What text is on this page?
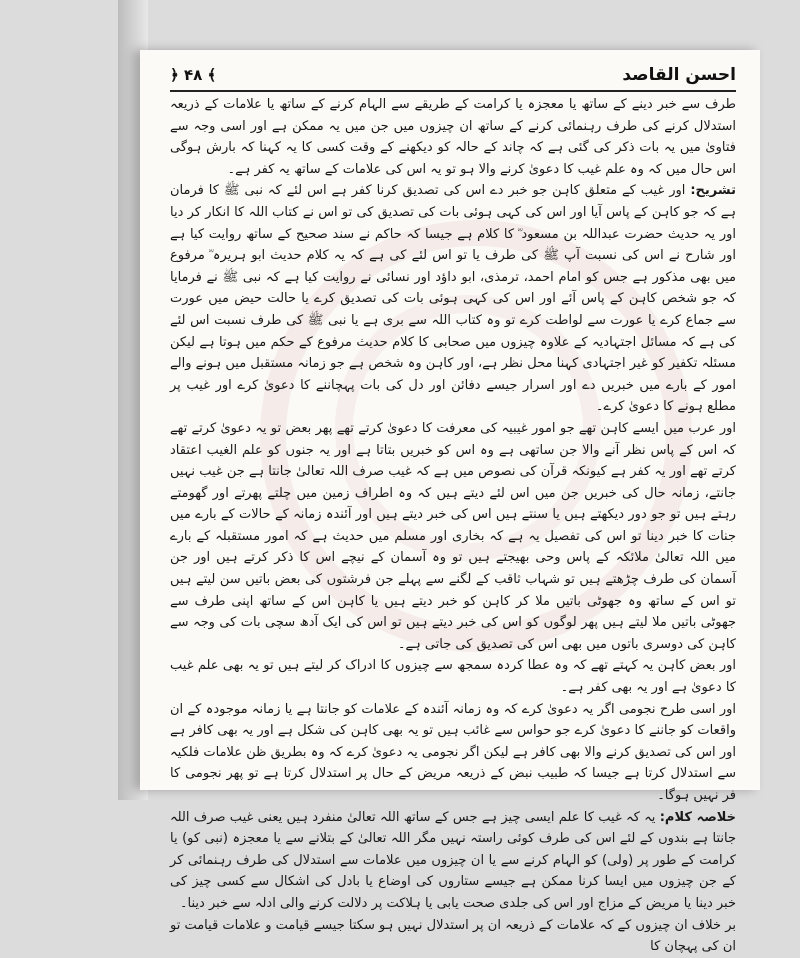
﴿ ۴۸ ﴾	احسن القاصد

طرف سے خبر دینے کے ساتھ یا معجزہ یا کرامت کے طریقے سے الہام کرنے کے ساتھ یا علامات کے ذریعہ استدلال کرنے کی طرف رہنمائی کرنے کے ساتھ ان چیزوں میں جن میں یہ ممکن ہے اور اسی وجہ سے فتاویٰ میں یہ بات ذکر کی گئی ہے کہ چاند کے حالہ کو دیکھنے کے وقت کسی کا یہ کہنا کہ بارش ہوگی اس حال میں کہ وہ علم غیب کا دعویٰ کرنے والا ہو تو یہ اس کی علامات کے ساتھ یہ کفر ہے۔

تشریح: اور غیب کے متعلق کاہن جو خبر دے اس کی تصدیق کرنا کفر ہے اس لئے کہ نبی ﷺ کا فرمان ہے کہ جو کاہن کے پاس آیا اور اس کی کہی ہوئی بات کی تصدیق کی تو اس نے کتاب اللہ کا انکار کر دیا اور یہ حدیث حضرت عبداللہ بن مسعود ؓ کا کلام ہے جیسا کہ حاکم نے سند صحیح کے ساتھ روایت کیا ہے اور شارح نے اس کی نسبت آپ ﷺ کی طرف یا تو اس لئے کی ہے کہ یہ کلام حدیث ابو ہریرہ ؓ مرفوع میں بھی مذکور ہے جس کو امام احمد، ترمذی، ابو داؤد اور نسائی نے روایت کیا ہے کہ نبی ﷺ نے فرمایا کہ جو شخص کاہن کے پاس آئے اور اس کی کہی ہوئی بات کی تصدیق کرے یا حالت حیض میں عورت سے جماع کرے یا عورت سے لواطت کرے تو وہ کتاب اللہ سے بری ہے یا نبی ﷺ کی طرف نسبت اس لئے کی ہے کہ مسائل اجتہادیہ کے علاوہ چیزوں میں صحابی کا کلام حدیث مرفوع کے حکم میں ہوتا ہے لیکن مسئلہ تکفیر کو غیر اجتہادی کہنا محل نظر ہے، اور کاہن وہ شخص ہے جو زمانہ مستقبل میں ہونے والے امور کے بارے میں خبریں دے اور اسرار جیسے دفائن اور دل کی بات پہچاننے کا دعویٰ کرے اور غیب پر مطلع ہونے کا دعویٰ کرے۔

اور عرب میں ایسے کاہن تھے جو امور غیبیہ کی معرفت کا دعویٰ کرتے تھے پھر بعض تو یہ دعویٰ کرتے تھے کہ اس کے پاس نظر آنے والا جن ساتھی ہے وہ اس کو خبریں بتاتا ہے اور یہ جنوں کو علم الغیب اعتقاد کرتے تھے اور یہ کفر ہے کیونکہ قرآن کی نصوص میں ہے کہ غیب صرف اللہ تعالیٰ جانتا ہے جن غیب نہیں جانتے، زمانہ حال کی خبریں جن میں اس لئے دیتے ہیں کہ وہ اطراف زمین میں چلتے پھرتے اور گھومتے رہتے ہیں تو جو دور دیکھتے ہیں یا سنتے ہیں اس کی خبر دیتے ہیں اور آئندہ زمانہ کے حالات کے بارے میں جنات کا خبر دینا تو اس کی تفصیل یہ ہے کہ بخاری اور مسلم میں حدیث ہے کہ امور مستقبلہ کے بارے میں اللہ تعالیٰ ملائکہ کے پاس وحی بھیجتے ہیں تو وہ آسمان کے نیچے اس کا ذکر کرتے ہیں اور جن آسمان کی طرف چڑھتے ہیں تو شہاب ثاقب کے لگنے سے پہلے جن فرشتوں کی بعض باتیں سن لیتے ہیں تو اس کے ساتھ وہ جھوٹی باتیں ملا کر کاہن کو خبر دیتے ہیں یا کاہن اس کے ساتھ اپنی طرف سے جھوٹی باتیں ملا لیتے ہیں پھر لوگوں کو اس کی خبر دیتے ہیں تو اس کی ایک آدھ سچی بات کی وجہ سے کاہن کی دوسری باتوں میں بھی اس کی تصدیق کی جاتی ہے۔

اور بعض کاہن یہ کہتے تھے کہ وہ عطا کردہ سمجھ سے چیزوں کا ادراک کر لیتے ہیں تو یہ بھی علم غیب کا دعویٰ ہے اور یہ بھی کفر ہے۔

اور اسی طرح نجومی اگر یہ دعویٰ کرے کہ وہ زمانہ آئندہ کے علامات کو جانتا ہے یا زمانہ موجودہ کے ان واقعات کو جاننے کا دعویٰ کرے جو حواس سے غائب ہیں تو یہ بھی کاہن کی شکل ہے اور یہ بھی کافر ہے اور اس کی تصدیق کرنے والا بھی کافر ہے لیکن اگر نجومی یہ دعویٰ کرے کہ وہ بطریق ظن علامات فلکیہ سے استدلال کرتا ہے جیسا کہ طبیب نبض کے ذریعہ مریض کے حال پر استدلال کرتا ہے تو پھر نجومی کا فر نہیں ہوگا۔

خلاصہ کلام: یہ کہ غیب کا علم ایسی چیز ہے جس کے ساتھ اللہ تعالیٰ منفرد ہیں یعنی غیب صرف اللہ جانتا ہے بندوں کے لئے اس کی طرف کوئی راستہ نہیں مگر اللہ تعالیٰ کے بتلانے سے یا معجزہ (نبی کو) یا کرامت کے طور پر (ولی) کو الہام کرنے سے یا ان چیزوں میں علامات سے استدلال کی طرف رہنمائی کر کے جن چیزوں میں ایسا کرنا ممکن ہے جیسے ستاروں کی اوضاع یا بادل کی اشکال سے کسی چیز کی خبر دینا یا مریض کے مزاج اور اس کی جلدی صحت یابی یا ہلاکت پر دلالت کرنے والی ادلہ سے خبر دینا۔

بر خلاف ان چیزوں کے کہ علامات کے ذریعہ ان پر استدلال نہیں ہو سکتا جیسے قیامت و علامات قیامت تو ان کی پہچان کا
